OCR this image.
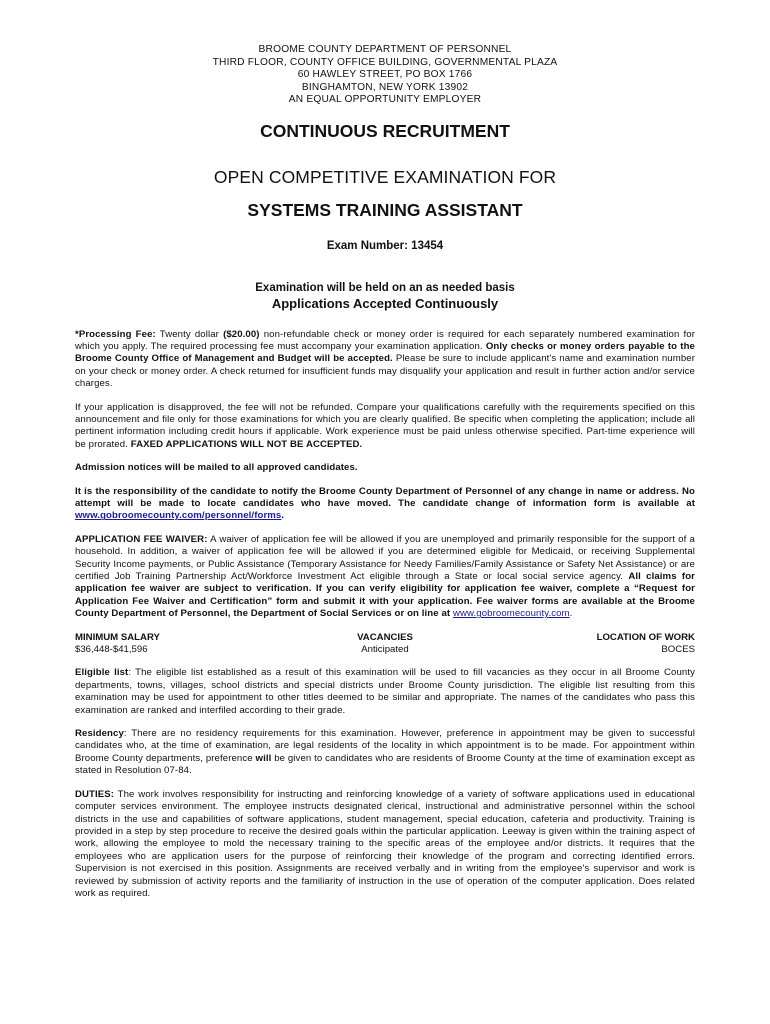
BROOME COUNTY DEPARTMENT OF PERSONNEL
THIRD FLOOR, COUNTY OFFICE BUILDING, GOVERNMENTAL PLAZA
60 HAWLEY STREET, PO BOX 1766
BINGHAMTON, NEW YORK 13902
AN EQUAL OPPORTUNITY EMPLOYER
CONTINUOUS RECRUITMENT
OPEN COMPETITIVE EXAMINATION FOR
SYSTEMS TRAINING ASSISTANT
Exam Number: 13454
Examination will be held on an as needed basis
Applications Accepted Continuously

*Processing Fee: Twenty dollar ($20.00) non-refundable check or money order is required for each separately numbered examination for which you apply. The required processing fee must accompany your examination application. Only checks or money orders payable to the Broome County Office of Management and Budget will be accepted. Please be sure to include applicant's name and examination number on your check or money order. A check returned for insufficient funds may disqualify your application and result in further action and/or service charges.

If your application is disapproved, the fee will not be refunded. Compare your qualifications carefully with the requirements specified on this announcement and file only for those examinations for which you are clearly qualified. Be specific when completing the application; include all pertinent information including credit hours if applicable. Work experience must be paid unless otherwise specified. Part-time experience will be prorated. FAXED APPLICATIONS WILL NOT BE ACCEPTED.

Admission notices will be mailed to all approved candidates.

It is the responsibility of the candidate to notify the Broome County Department of Personnel of any change in name or address. No attempt will be made to locate candidates who have moved. The candidate change of information form is available at www.gobroomecounty.com/personnel/forms.

APPLICATION FEE WAIVER: A waiver of application fee will be allowed if you are unemployed and primarily responsible for the support of a household. In addition, a waiver of application fee will be allowed if you are determined eligible for Medicaid, or receiving Supplemental Security Income payments, or Public Assistance (Temporary Assistance for Needy Families/Family Assistance or Safety Net Assistance) or are certified Job Training Partnership Act/Workforce Investment Act eligible through a State or local social service agency. All claims for application fee waiver are subject to verification. If you can verify eligibility for application fee waiver, complete a “Request for Application Fee Waiver and Certification” form and submit it with your application. Fee waiver forms are available at the Broome County Department of Personnel, the Department of Social Services or on line at www.gobroomecounty.com.

MINIMUM SALARY
$36,448-$41,596
VACANCIES
Anticipated
LOCATION OF WORK
BOCES

Eligible list: The eligible list established as a result of this examination will be used to fill vacancies as they occur in all Broome County departments, towns, villages, school districts and special districts under Broome County jurisdiction. The eligible list resulting from this examination may be used for appointment to other titles deemed to be similar and appropriate. The names of the candidates who pass this examination are ranked and interfiled according to their grade.

Residency: There are no residency requirements for this examination. However, preference in appointment may be given to successful candidates who, at the time of examination, are legal residents of the locality in which appointment is to be made. For appointment within Broome County departments, preference will be given to candidates who are residents of Broome County at the time of examination except as stated in Resolution 07-84.

DUTIES: The work involves responsibility for instructing and reinforcing knowledge of a variety of software applications used in educational computer services environment. The employee instructs designated clerical, instructional and administrative personnel within the school districts in the use and capabilities of software applications, student management, special education, cafeteria and productivity. Training is provided in a step by step procedure to receive the desired goals within the particular application. Leeway is given within the training aspect of work, allowing the employee to mold the necessary training to the specific areas of the employee and/or districts. It requires that the employees who are application users for the purpose of reinforcing their knowledge of the program and correcting identified errors. Supervision is not exercised in this position. Assignments are received verbally and in writing from the employee's supervisor and work is reviewed by submission of activity reports and the familiarity of instruction in the use of operation of the computer application. Does related work as required.
